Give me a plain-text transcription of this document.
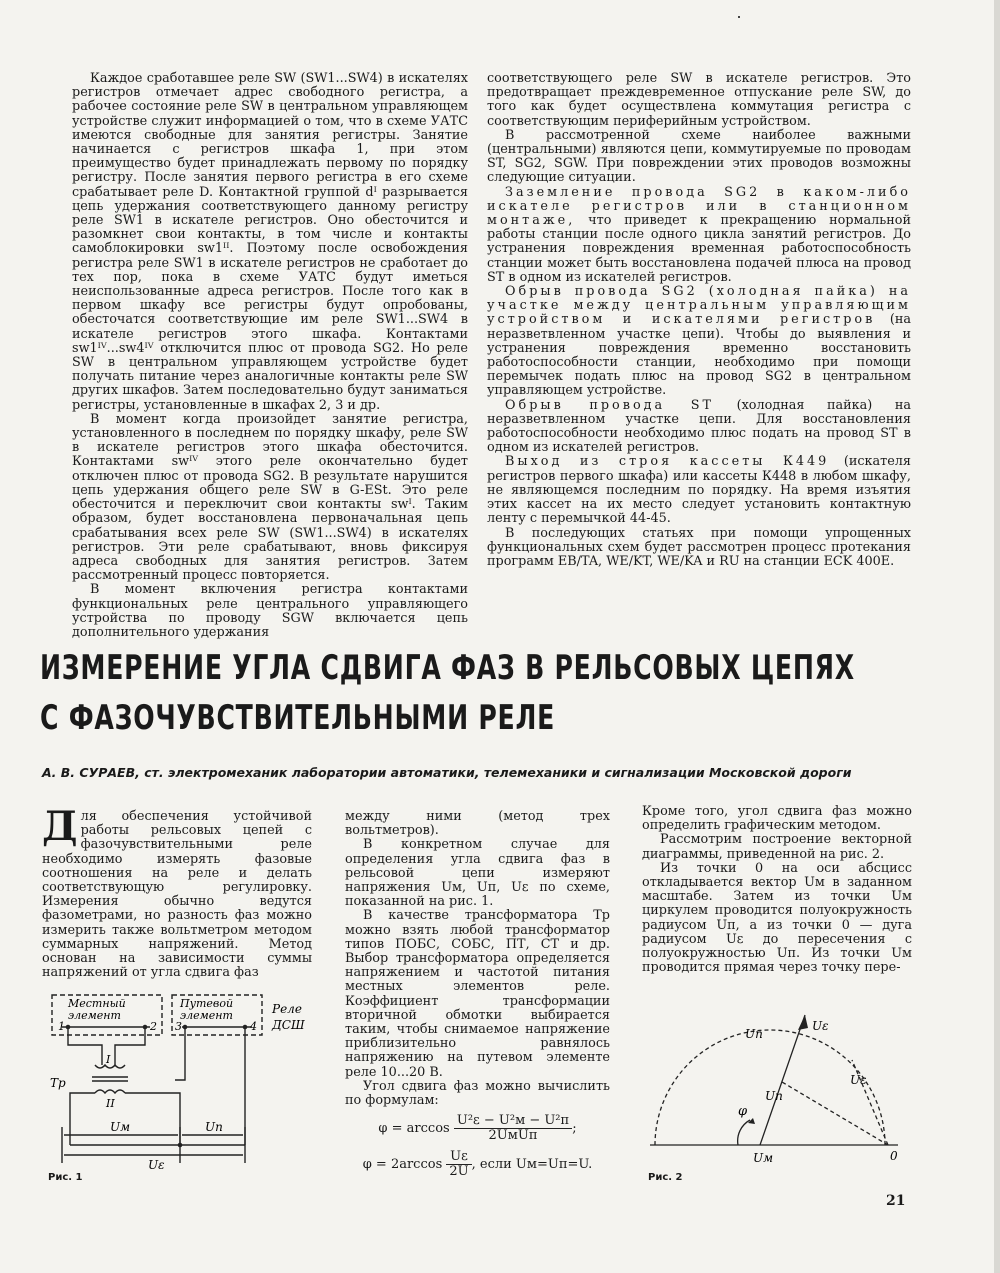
Каждое сработавшее реле SW (SW1...SW4) в искателях регистров отмечает адрес свободного регистра, а рабочее состояние реле SW в центральном управляющем устройстве служит информацией о том, что в схеме УАТС имеются свободные для занятия регистры. Занятие начинается с регистров шкафа 1, при этом преимущество будет принадлежать первому по порядку регистру. После занятия первого регистра в его схеме срабатывает реле D. Контактной группой dᴵ разрывается цепь удержания соответствующего данному регистру реле SW1 в искателе регистров. Оно обесточится и разомкнет свои контакты, в том числе и контакты самоблокировки sw1ᴵᴵ. Поэтому после освобождения регистра реле SW1 в искателе регистров не сработает до тех пор, пока в схеме УАТС будут иметься неиспользованные адреса регистров. После того как в первом шкафу все регистры будут опробованы, обесточатся соответствующие им реле SW1...SW4 в искателе регистров этого шкафа. Контактами sw1ᴵⱽ...sw4ᴵⱽ отключится плюс от провода SG2. Но реле SW в центральном управляющем устройстве будет получать питание через аналогичные контакты реле SW других шкафов. Затем последовательно будут заниматься регистры, установленные в шкафах 2, 3 и др.

В момент когда произойдет занятие регистра, установленного в последнем по порядку шкафу, реле SW в искателе регистров этого шкафа обесточится. Контактами swᴵⱽ этого реле окончательно будет отключен плюс от провода SG2. В результате нарушится цепь удержания общего реле SW в G-ESt. Это реле обесточится и переключит свои контакты swᴵ. Таким образом, будет восстановлена первоначальная цепь срабатывания всех реле SW (SW1...SW4) в искателях регистров. Эти реле срабатывают, вновь фиксируя адреса свободных для занятия регистров. Затем рассмотренный процесс повторяется.

В момент включения регистра контактами функциональных реле центрального управляющего устройства по проводу SGW включается цепь дополнительного удержания

соответствующего реле SW в искателе регистров. Это предотвращает преждевременное отпускание реле SW, до того как будет осуществлена коммутация регистра с соответствующим периферийным устройством.

В рассмотренной схеме наиболее важными (центральными) являются цепи, коммутируемые по проводам ST, SG2, SGW. При повреждении этих проводов возможны следующие ситуации.

Заземление провода SG2 в каком-либо искателе регистров или в станционном монтаже, что приведет к прекращению нормальной работы станции после одного цикла занятий регистров. До устранения повреждения временная работоспособность станции может быть восстановлена подачей плюса на провод ST в одном из искателей регистров.

Обрыв провода SG2 (холодная пайка) на участке между центральным управляющим устройством и искателями регистров (на неразветвленном участке цепи). Чтобы до выявления и устранения повреждения временно восстановить работоспособности станции, необходимо при помощи перемычек подать плюс на провод SG2 в центральном управляющем устройстве.

Обрыв провода ST (холодная пайка) на неразветвленном участке цепи. Для восстановления работоспособности необходимо плюс подать на провод ST в одном из искателей регистров.

Выход из строя кассеты К449 (искателя регистров первого шкафа) или кассеты К448 в любом шкафу, не являющемся последним по порядку. На время изъятия этих кассет на их место следует установить контактную ленту с перемычкой 44-45.

В последующих статьях при помощи упрощенных функциональных схем будет рассмотрен процесс протекания программ EB/TA, WE/KT, WE/KA и RU на станции ECK 400E.

ИЗМЕРЕНИЕ УГЛА СДВИГА ФАЗ В РЕЛЬСОВЫХ ЦЕПЯХ
С ФАЗОЧУВСТВИТЕЛЬНЫМИ РЕЛЕ
А. В. СУРАЕВ, ст. электромеханик лаборатории автоматики, телемеханики и сигнализации Московской дороги

Для обеспечения устойчивой работы рельсовых цепей с фазочувствительными реле необходимо измерять фазовые соотношения на реле и делать соответствующую регулировку. Измерения обычно ведутся фазометрами, но разность фаз можно измерить также вольтметром методом суммарных напряжений. Метод основан на зависимости суммы напряжений от угла сдвига фаз

между ними (метод трех вольтметров).

В конкретном случае для определения угла сдвига фаз в рельсовой цепи измеряют напряжения Uм, Uп, Uε по схеме, показанной на рис. 1.

В качестве трансформатора Тр можно взять любой трансформатор типов ПОБС, СОБС, ПТ, СТ и др. Выбор трансформатора определяется напряжением и частотой питания местных элементов реле. Коэффициент трансформации вторичной обмотки выбирается таким, чтобы снимаемое напряжение приблизительно равнялось напряжению на путевом элементе реле 10...20 В.

Угол сдвига фаз можно вычислить по формулам:

$\varphi = \arccos \frac{\text{U²ε − U²м − U²п}}{\text{2UмUп}}$ ;
$\varphi = 2\arccos \frac{U\varepsilon}{2U}$ , если Uм=Uп=U.

Кроме того, угол сдвига фаз можно определить графическим методом.

Рассмотрим построение векторной диаграммы, приведенной на рис. 2.

Из точки 0 на оси абсцисс откладывается вектор Uм в заданном масштабе. Затем из точки Uм циркулем проводится полуокружность радиусом Uп, а из точки 0 — дуга радиусом Uε до пересечения с полуокружностью Uп. Из точки Uм проводится прямая через точку пере-

Местный элемент
Путевой элемент	Реле ДСШ
1	2 3	4
Тр
I
II
Uм	Uп
Uε
Рис. 1
Uп
Uε
Uε
Uп
φ
Uм	0
Рис. 2
21
